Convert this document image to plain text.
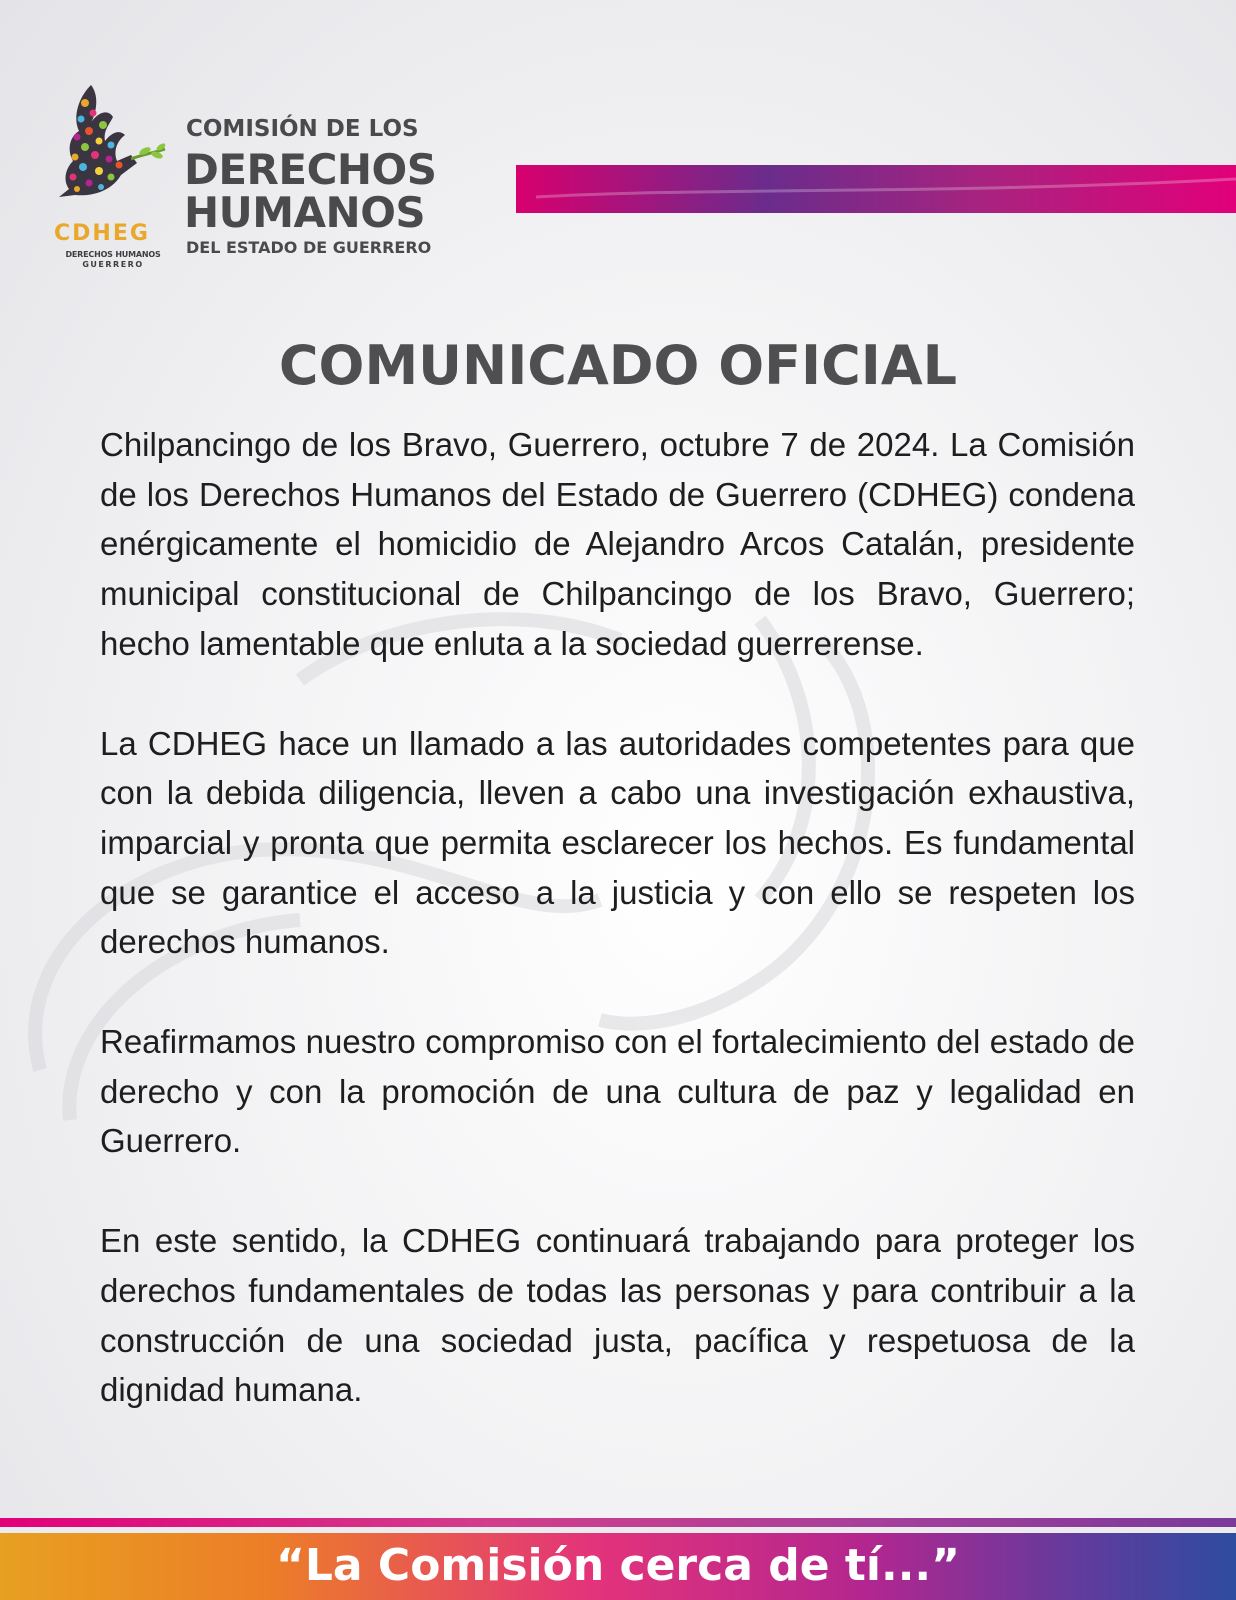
CDHEG
DERECHOS HUMANOS
GUERRERO
COMISIÓN DE LOS
DERECHOS
HUMANOS
DEL ESTADO DE GUERRERO
COMUNICADO OFICIAL

Chilpancingo de los Bravo, Guerrero, octubre 7 de 2024. La Comisión de los Derechos Humanos del Estado de Guerrero (CDHEG) condena enérgicamente el homicidio de Alejandro Arcos Catalán, presidente municipal constitucional de Chilpancingo de los Bravo, Guerrero; hecho lamentable que enluta a la sociedad guerrerense.

La CDHEG hace un llamado a las autoridades competentes para que con la debida diligencia, lleven a cabo una investigación exhaustiva, imparcial y pronta que permita esclarecer los hechos. Es fundamental que se garantice el acceso a la justicia y con ello se respeten los derechos humanos.

Reafirmamos nuestro compromiso con el fortalecimiento del estado de derecho y con la promoción de una cultura de paz y legalidad en Guerrero.

En este sentido, la CDHEG continuará trabajando para proteger los derechos fundamentales de todas las personas y para contribuir a la construcción de una sociedad justa, pacífica y respetuosa de la dignidad humana.

“La Comisión cerca de tí...”
